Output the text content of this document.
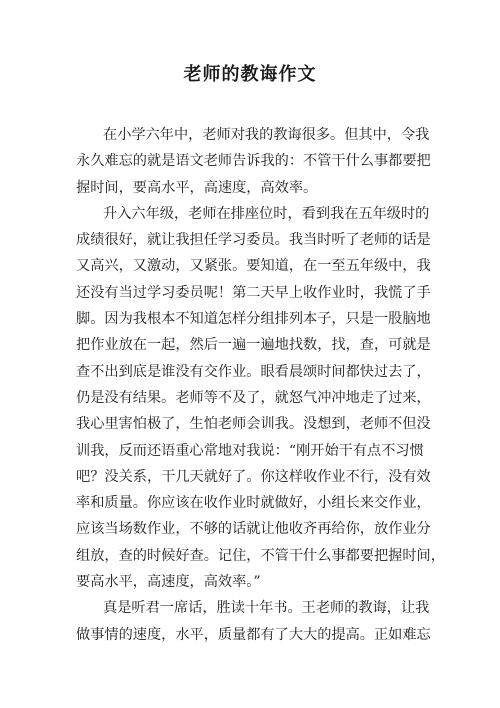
老师的教诲作文
在小学六年中，老师对我的教诲很多。但其中，令我
永久难忘的就是语文老师告诉我的：不管干什么事都要把
握时间，要高水平，高速度，高效率。
升入六年级，老师在排座位时，看到我在五年级时的
成绩很好，就让我担任学习委员。我当时听了老师的话是
又高兴，又激动，又紧张。要知道，在一至五年级中，我
还没有当过学习委员呢！第二天早上收作业时，我慌了手
脚。因为我根本不知道怎样分组排列本子，只是一股脑地
把作业放在一起，然后一遍一遍地找数，找，查，可就是
查不出到底是谁没有交作业。眼看晨颂时间都快过去了，
仍是没有结果。老师等不及了，就怒气冲冲地走了过来，
我心里害怕极了，生怕老师会训我。没想到，老师不但没
训我，反而还语重心常地对我说：“刚开始干有点不习惯
吧？没关系，干几天就好了。你这样收作业不行，没有效
率和质量。你应该在收作业时就做好，小组长来交作业，
应该当场数作业，不够的话就让他收齐再给你，放作业分
组放，查的时候好查。记住，不管干什么事都要把握时间，
要高水平，高速度，高效率。”
真是听君一席话，胜读十年书。王老师的教诲，让我
做事情的速度，水平，质量都有了大大的提高。正如难忘
